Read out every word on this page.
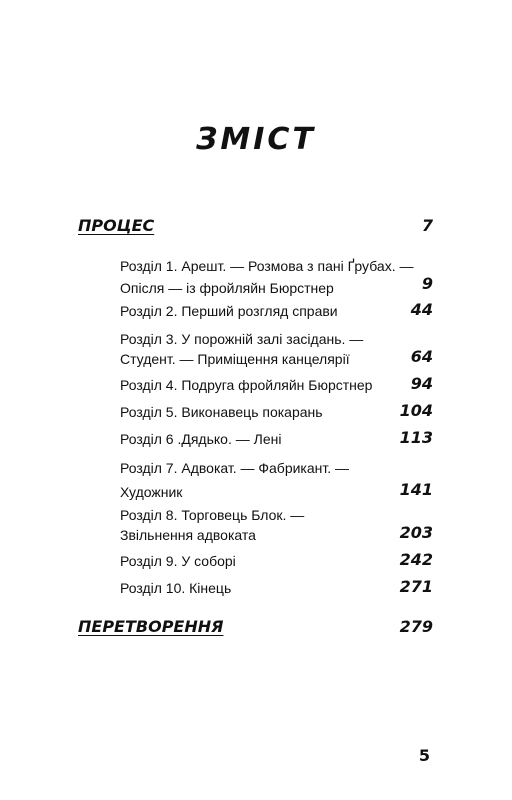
ЗМІСТ
ПРОЦЕС	7
Розділ 1. Арешт. — Розмова з пані Ґрубах. —
Опісля — із фройляйн Бюрстнер	9
Розділ 2. Перший розгляд справи	44
Розділ 3. У порожній залі засідань. —
Студент. — Приміщення канцелярії	64
Розділ 4. Подруга фройляйн Бюрстнер 94
Розділ 5. Виконавець покарань	104
Розділ 6 .Дядько. — Лені	113
Розділ 7. Адвокат. — Фабрикант. —
Художник	141
Розділ 8. Торговець Блок. —
Звільнення адвоката	203
Розділ 9. У соборі	242
Розділ 10. Кінець	271
ПЕРЕТВОРЕННЯ	279
5
